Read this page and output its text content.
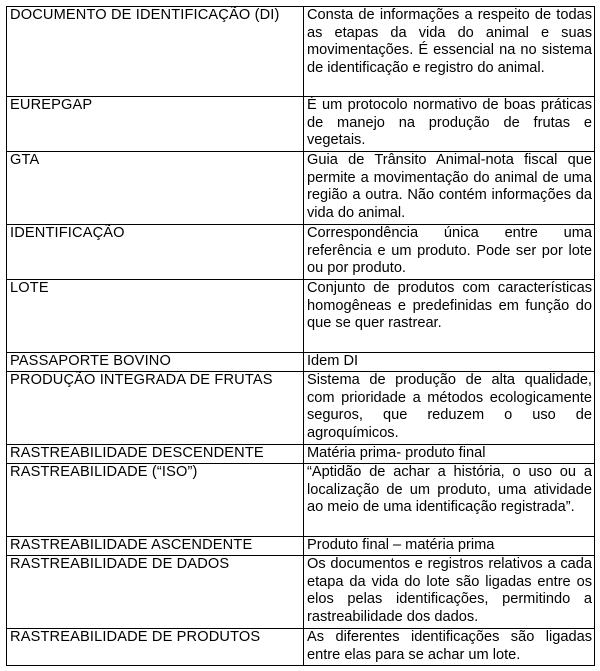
DOCUMENTO DE IDENTIFICAÇÃO (DI)	Consta de informações a respeito de todas as etapas da vida do animal e suas movimentações. É essencial na no sistema de identificação e registro do animal.
EUREPGAP	É um protocolo normativo de boas práticas de manejo na produção de frutas e vegetais.
GTA	Guia de Trânsito Animal-nota fiscal que permite a movimentação do animal de uma região a outra. Não contém informações da vida do animal.
IDENTIFICAÇÃO	Correspondência única entre uma referência e um produto. Pode ser por lote ou por produto.
LOTE	Conjunto de produtos com características homogêneas e predefinidas em função do que se quer rastrear.
PASSAPORTE BOVINO	Idem DI
PRODUÇÃO INTEGRADA DE FRUTAS	Sistema de produção de alta qualidade, com prioridade a métodos ecologicamente seguros, que reduzem o uso de agroquímicos.
RASTREABILIDADE DESCENDENTE	Matéria prima- produto final
RASTREABILIDADE (“ISO”)	“Aptidão de achar a história, o uso ou a localização de um produto, uma atividade ao meio de uma identificação registrada”.
RASTREABILIDADE ASCENDENTE	Produto final – matéria prima
RASTREABILIDADE DE DADOS	Os documentos e registros relativos a cada etapa da vida do lote são ligadas entre os elos pelas identificações, permitindo a rastreabilidade dos dados.
RASTREABILIDADE DE PRODUTOS	As diferentes identificações são ligadas entre elas para se achar um lote.
